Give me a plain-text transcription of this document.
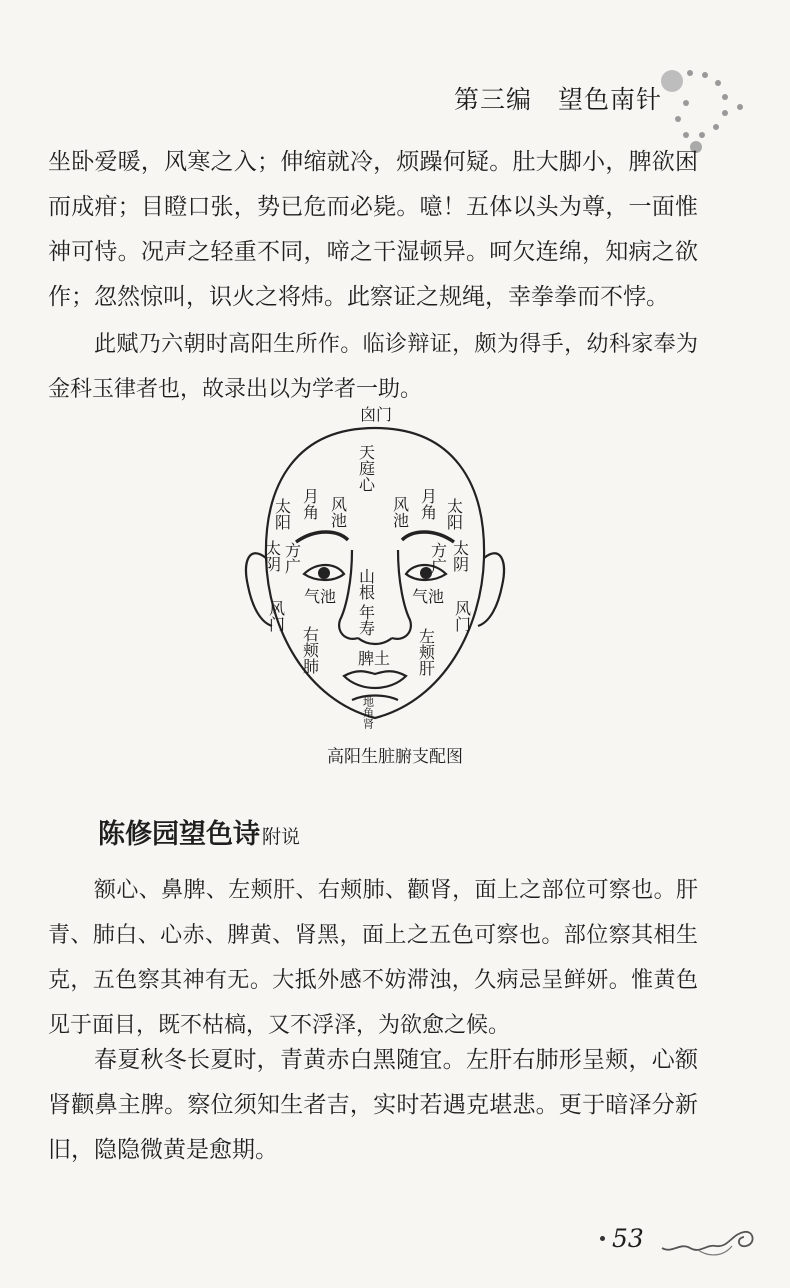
第三编　望色南针

坐卧爱暖，风寒之入；伸缩就冷，烦躁何疑。肚大脚小，脾欲困而成疳；目瞪口张，势已危而必毙。噫！五体以头为尊，一面惟神可恃。况声之轻重不同，啼之干湿顿异。呵欠连绵，知病之欲作；忽然惊叫，识火之将炜。此察证之规绳，幸拳拳而不悖。

此赋乃六朝时高阳生所作。临诊辩证，颇为得手，幼科家奉为金科玉律者也，故录出以为学者一助。

囟门
天庭心
太阳 月角 风池	风池 月角 太阳
太阴 方广	方广 太阴
气池	气池
山根
年寿
风门	风门
右颊肺	左颊肝
脾土
地角肾
高阳生脏腑支配图
陈修园望色诗 附说

额心、鼻脾、左颊肝、右颊肺、颧肾，面上之部位可察也。肝青、肺白、心赤、脾黄、肾黑，面上之五色可察也。部位察其相生克，五色察其神有无。大抵外感不妨滞浊，久病忌呈鲜妍。惟黄色见于面目，既不枯槁，又不浮泽，为欲愈之候。

春夏秋冬长夏时，青黄赤白黑随宜。左肝右肺形呈颊，心额肾颧鼻主脾。察位须知生者吉，实时若遇克堪悲。更于暗泽分新旧，隐隐微黄是愈期。

53
